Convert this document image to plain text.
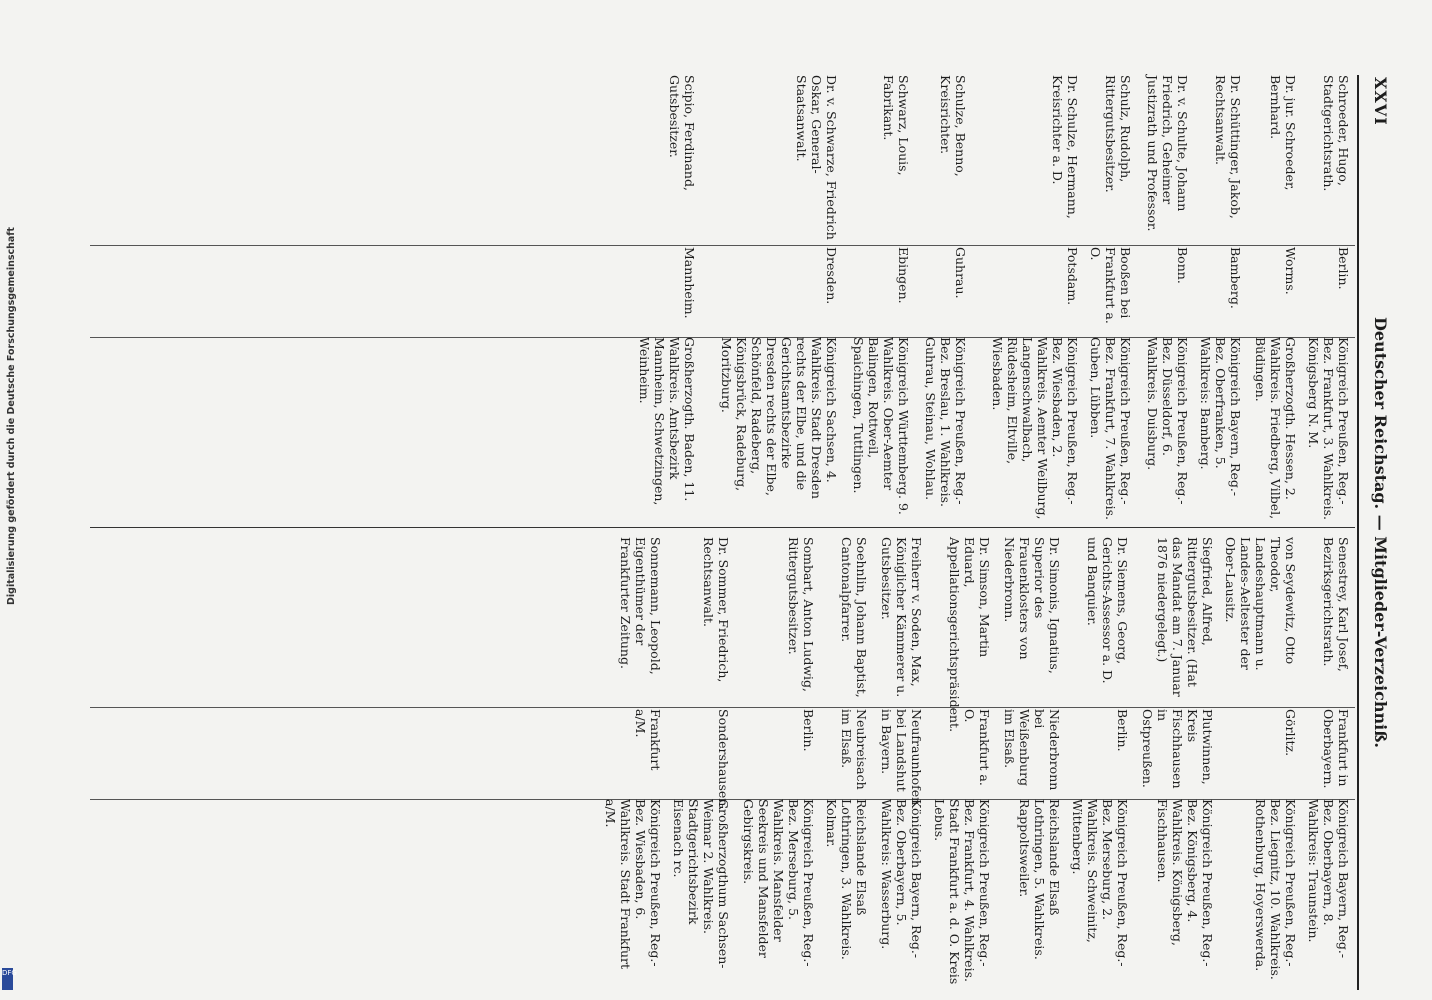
Digitalisierung gefördert durch die Deutsche Forschungsgemeinschaft
DFG
Deutscher Reichstag. — Mitglieder-Verzeichniß.
XXVI
Schroeder, Hugo, Stadtgerichtsrath.
Berlin.
Königreich Preußen, Reg.-Bez. Frankfurt, 3. Wahlkreis. Königsberg N. M.
Dr. jur. Schroeder, Bernhard.
Worms.
Großherzogth. Hessen, 2. Wahlkreis. Friedberg, Vilbel, Büdingen.
Dr. Schüttinger, Jakob, Rechtsanwalt.
Bamberg.
Königreich Bayern, Reg.-Bez. Oberfranken, 5. Wahlkreis: Bamberg.
Dr. v. Schulte, Johann Friedrich, Geheimer Justizrath und Professor.
Bonn.
Königreich Preußen, Reg.-Bez. Düsseldorf, 6. Wahlkreis. Duisburg.
Schulz, Rudolph, Rittergutsbesitzer.
Booßen bei Frankfurt a. O.
Königreich Preußen, Reg.-Bez. Frankfurt, 7. Wahlkreis. Guben, Lübben.
Dr. Schulze, Hermann, Kreisrichter a. D.
Potsdam.
Königreich Preußen, Reg.-Bez. Wiesbaden, 2. Wahlkreis. Aemter Weilburg, Langenschwalbach, Rüdesheim, Eltville, Wiesbaden.
Schulze, Benno, Kreisrichter.
Guhrau.
Königreich Preußen, Reg.-Bez. Breslau, 1. Wahlkreis. Guhrau, Steinau, Wohlau.
Schwarz, Louis, Fabrikant.
Ebingen.
Königreich Württemberg. 9. Wahlkreis. Ober-Aemter Balingen, Rottweil, Spaichingen, Tuttlingen.
Dr. v. Schwarze, Friedrich Oskar, General-Staatsanwalt.
Dresden.
Königreich Sachsen, 4. Wahlkreis. Stadt Dresden rechts der Elbe, und die Gerichtsamtsbezirke Dresden rechts der Elbe, Schönfeld, Radeberg, Königsbrück, Radeburg, Moritzburg.
Scipio, Ferdinand, Gutsbesitzer.
Mannheim.
Großherzogth. Baden, 11. Wahlkreis. Amtsbezirk Mannheim, Schwetzingen, Weinheim.
Senestrey, Karl Josef, Bezirksgerichtsrath.
Frankfurt in Oberbayern.
Königreich Bayern, Reg.-Bez. Oberbayern, 8. Wahlkreis: Traunstein.
von Seydewitz, Otto Theodor, Landeshauptmann u. Landes-Aeltester der Ober-Lausitz.
Görlitz.
Königreich Preußen, Reg.-Bez. Liegnitz, 10. Wahlkreis. Rothenburg, Hoyerswerda.
Siegfried, Alfred, Rittergutsbesitzer. (Hat das Mandat am 7. Januar 1876 niedergelegt.)
Plutwinnen, Kreis Fischhausen in Ostpreußen.
Königreich Preußen, Reg.-Bez. Königsberg, 4. Wahlkreis. Königsberg, Fischhausen.
Dr. Siemens, Georg, Gerichts-Assessor a. D. und Banquier.
Berlin.
Königreich Preußen, Reg.-Bez. Merseburg, 2. Wahlkreis. Schweinitz, Wittenberg.
Dr. Simonis, Ignatius, Superior des Frauenklosters von Niederbronn.
Niederbronn bei Weißenburg im Elsaß.
Reichslande Elsaß Lothringen, 5. Wahlkreis. Rappoltsweiler.
Dr. Simson, Martin Eduard, Appellationsgerichtspräsident.
Frankfurt a. O.
Königreich Preußen, Reg.-Bez. Frankfurt, 4. Wahlkreis. Stadt Frankfurt a. d. O. Kreis Lebus.
Freiherr v. Soden, Max, Königlicher Kämmerer u. Gutsbesitzer.
Neufraunhofen bei Landshut in Bayern.
Königreich Bayern, Reg.-Bez. Oberbayern, 5. Wahlkreis: Wasserburg.
Soehnlin, Johann Baptist, Cantonalpfarrer.
Neubreisach im Elsaß.
Reichslande Elsaß Lothringen, 3. Wahlkreis. Kolmar.
Sombart, Anton Ludwig, Rittergutsbesitzer.
Berlin.
Königreich Preußen, Reg.-Bez. Merseburg, 5. Wahlkreis. Mansfelder Seekreis und Mansfelder Gebirgskreis.
Dr. Sommer, Friedrich, Rechtsanwalt.
Sondershausen.
Großherzogthum Sachsen-Weimar 2. Wahlkreis. Stadtgerichtsbezirk Eisenach rc.
Sonnemann, Leopold, Eigenthümer der Frankfurter Zeitung.
Frankfurt a/M.
Königreich Preußen, Reg.-Bez. Wiesbaden, 6. Wahlkreis. Stadt Frankfurt a/M.
